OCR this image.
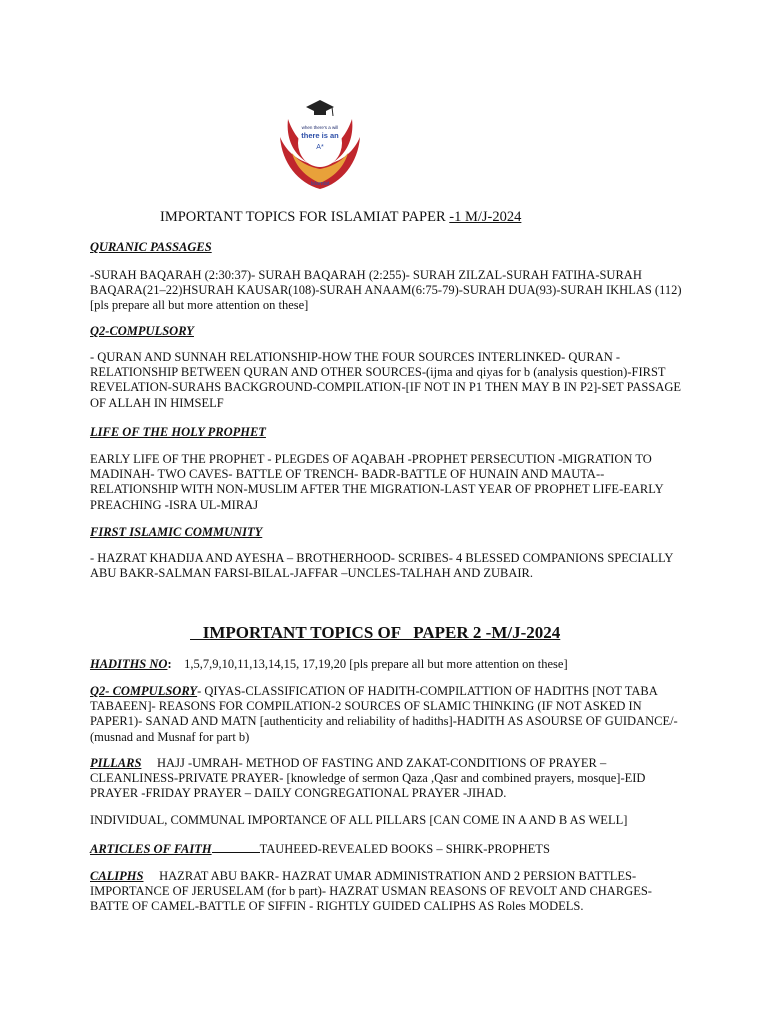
when there's a will
there is an
A*
Islamiat
IMPORTANT TOPICS FOR ISLAMIAT PAPER -1 M/J-2024
QURANIC PASSAGES
-SURAH BAQARAH (2:30:37)- SURAH BAQARAH (2:255)- SURAH ZILZAL-SURAH FATIHA-SURAH BAQARA(21–22)HSURAH KAUSAR(108)-SURAH ANAAM(6:75-79)-SURAH DUA(93)-SURAH IKHLAS (112)[pls prepare all but more attention on these]
Q2-COMPULSORY
- QURAN AND SUNNAH RELATIONSHIP-HOW THE FOUR SOURCES INTERLINKED- QURAN -RELATIONSHIP BETWEEN QURAN AND OTHER SOURCES-(ijma and qiyas for b (analysis question)-FIRST REVELATION-SURAHS BACKGROUND-COMPILATION-[IF NOT IN P1 THEN MAY B IN P2]-SET PASSAGE OF ALLAH IN HIMSELF
LIFE OF THE HOLY PROPHET
EARLY LIFE OF THE PROPHET - PLEGDES OF AQABAH -PROPHET PERSECUTION -MIGRATION TO MADINAH- TWO CAVES- BATTLE OF TRENCH- BADR-BATTLE OF HUNAIN AND MAUTA--RELATIONSHIP WITH NON-MUSLIM AFTER THE MIGRATION-LAST YEAR OF PROPHET LIFE-EARLY PREACHING -ISRA UL-MIRAJ
FIRST ISLAMIC COMMUNITY
- HAZRAT KHADIJA AND AYESHA – BROTHERHOOD- SCRIBES- 4 BLESSED COMPANIONS SPECIALLY ABU BAKR-SALMAN FARSI-BILAL-JAFFAR –UNCLES-TALHAH AND ZUBAIR.
IMPORTANT TOPICS OF   PAPER 2 -M/J-2024
HADITHS NO: 1,5,7,9,10,11,13,14,15, 17,19,20 [pls prepare all but more attention on these]
Q2- COMPULSORY- QIYAS-CLASSIFICATION OF HADITH-COMPILATTION OF HADITHS [NOT TABA TABAEEN]- REASONS FOR COMPILATION-2 SOURCES OF SLAMIC THINKING (IF NOT ASKED IN PAPER1)- SANAD AND MATN [authenticity and reliability of hadiths]-HADITH AS ASOURSE OF GUIDANCE/-(musnad and Musnaf for part b)
PILLARS HAJJ -UMRAH- METHOD OF FASTING AND ZAKAT-CONDITIONS OF PRAYER – CLEANLINESS-PRIVATE PRAYER- [knowledge of sermon Qaza ,Qasr and combined prayers, mosque]-EID PRAYER -FRIDAY PRAYER – DAILY CONGREGATIONAL PRAYER -JIHAD.
INDIVIDUAL, COMMUNAL IMPORTANCE OF ALL PILLARS [CAN COME IN A AND B AS WELL]
ARTICLES OF FAITH	TAUHEED-REVEALED BOOKS – SHIRK-PROPHETS
CALIPHS HAZRAT ABU BAKR- HAZRAT UMAR ADMINISTRATION AND 2 PERSION BATTLES-IMPORTANCE OF JERUSELAM (for b part)- HAZRAT USMAN REASONS OF REVOLT AND CHARGES-BATTE OF CAMEL-BATTLE OF SIFFIN - RIGHTLY GUIDED CALIPHS AS Roles MODELS.
